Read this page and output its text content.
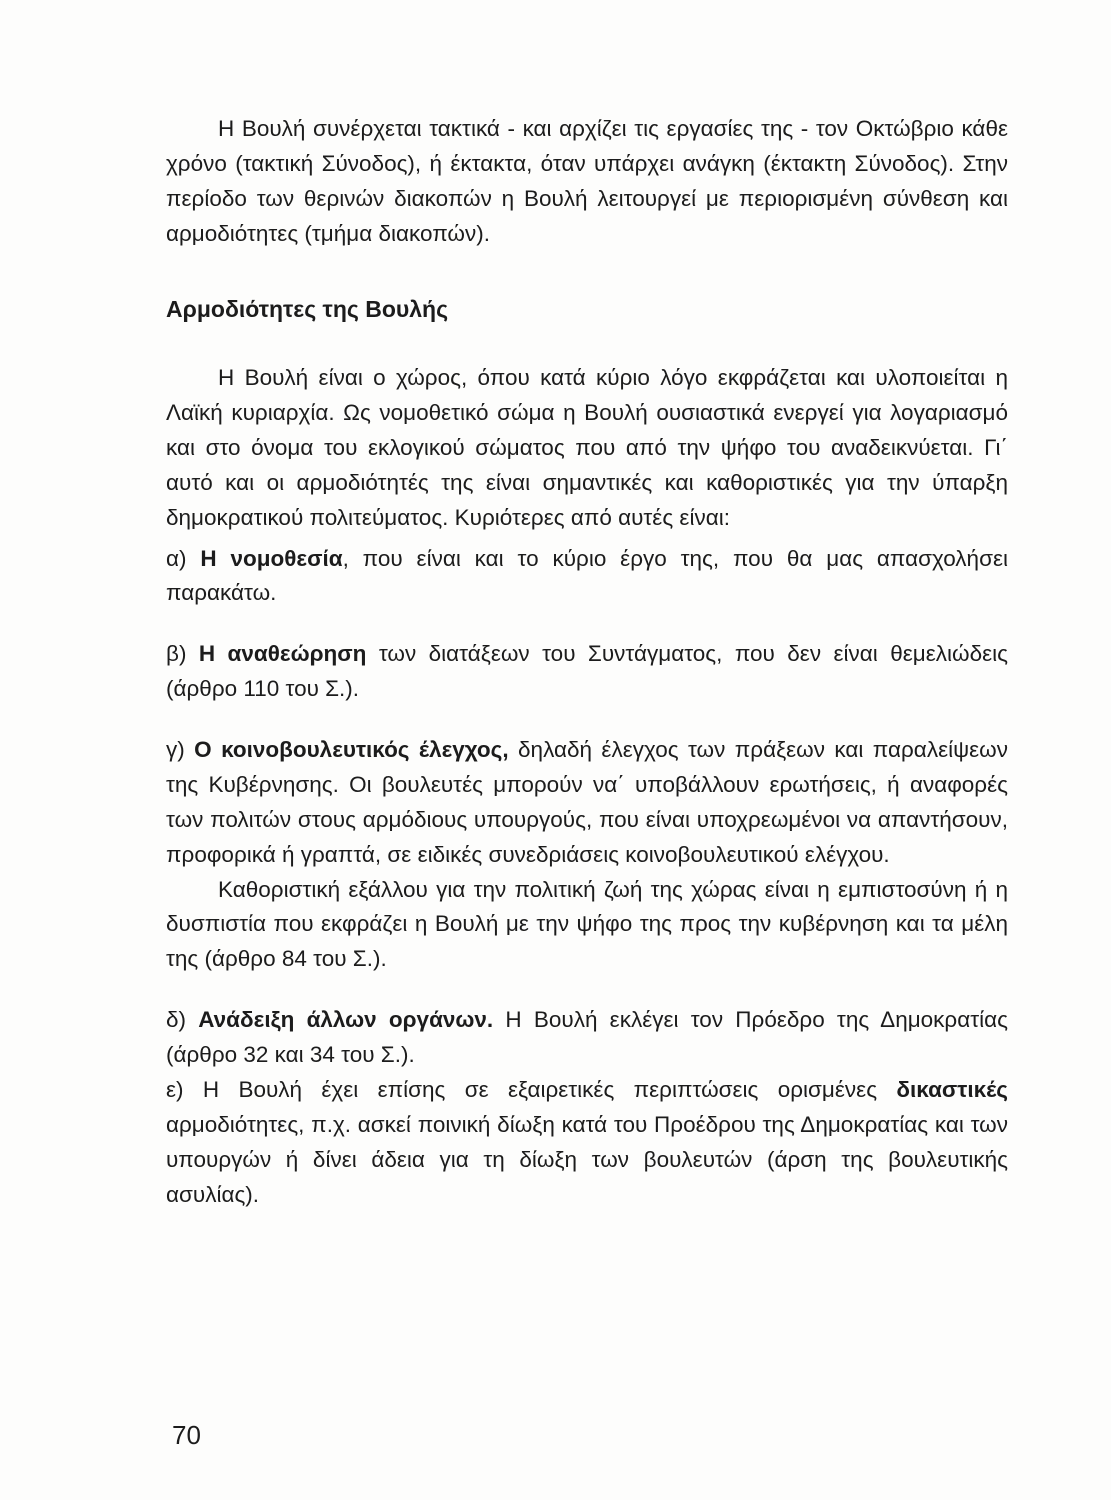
Η Βουλή συνέρχεται τακτικά - και αρχίζει τις εργασίες της - τον Οκτώβριο κάθε χρόνο (τακτική Σύνοδος), ή έκτακτα, όταν υπάρχει ανάγκη (έκτακτη Σύνοδος). Στην περίοδο των θερινών διακοπών η Βουλή λειτουργεί με περιορισμένη σύνθεση και αρμοδιότητες (τμήμα διακοπών).

Αρμοδιότητες της Βουλής

Η Βουλή είναι ο χώρος, όπου κατά κύριο λόγο εκφράζεται και υλοποιείται η Λαϊκή κυριαρχία. Ως νομοθετικό σώμα η Βουλή ουσιαστικά ενεργεί για λογαριασμό και στο όνομα του εκλογικού σώματος που από την ψήφο του αναδεικνύεται. Γι΄ αυτό και οι αρμοδιότητές της είναι σημαντικές και καθοριστικές για την ύπαρξη δημοκρατικού πολιτεύματος. Κυριότερες από αυτές είναι:

α) Η νομοθεσία, που είναι και το κύριο έργο της, που θα μας απασχολήσει παρακάτω.

β) Η αναθεώρηση των διατάξεων του Συντάγματος, που δεν είναι θεμελιώδεις (άρθρο 110 του Σ.).

γ) Ο κοινοβουλευτικός έλεγχος, δηλαδή έλεγχος των πράξεων και παραλείψεων της Κυβέρνησης. Οι βουλευτές μπορούν να΄ υποβάλλουν ερωτήσεις, ή αναφορές των πολιτών στους αρμόδιους υπουργούς, που είναι υποχρεωμένοι να απαντήσουν, προφορικά ή γραπτά, σε ειδικές συνεδριάσεις κοινοβουλευτικού ελέγχου.

Καθοριστική εξάλλου για την πολιτική ζωή της χώρας είναι η εμπιστοσύνη ή η δυσπιστία που εκφράζει η Βουλή με την ψήφο της προς την κυβέρνηση και τα μέλη της (άρθρο 84 του Σ.).

δ) Ανάδειξη άλλων οργάνων. Η Βουλή εκλέγει τον Πρόεδρο της Δημοκρατίας (άρθρο 32 και 34 του Σ.).

ε) Η Βουλή έχει επίσης σε εξαιρετικές περιπτώσεις ορισμένες δικαστικές αρμοδιότητες, π.χ. ασκεί ποινική δίωξη κατά του Προέδρου της Δημοκρατίας και των υπουργών ή δίνει άδεια για τη δίωξη των βουλευτών (άρση της βουλευτικής ασυλίας).

70
